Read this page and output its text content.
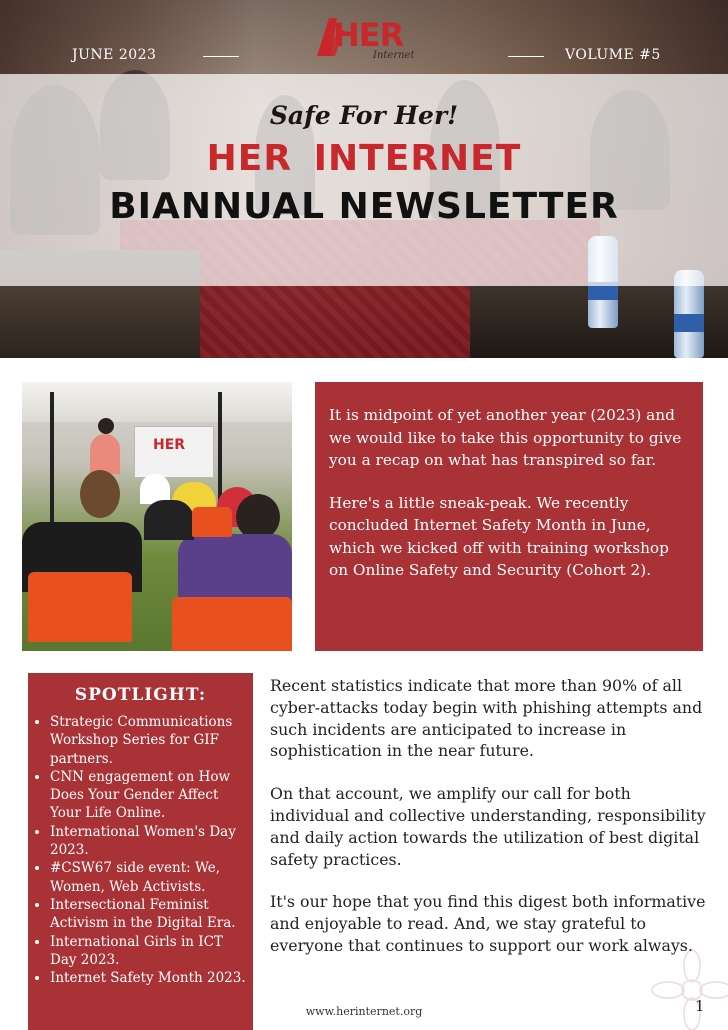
JUNE 2023
HER
Internet	VOLUME #5
Safe For Her!
HER INTERNET
BIANNUAL NEWSLETTER
HER

It is midpoint of yet another year (2023) and we would like to take this opportunity to give you a recap on what has transpired so far.

Here's a little sneak-peak. We recently concluded Internet Safety Month in June, which we kicked off with training workshop on Online Safety and Security (Cohort 2).

SPOTLIGHT:
• Strategic Communications Workshop Series for GIF partners.
• CNN engagement on How Does Your Gender Affect Your Life Online.
• International Women's Day 2023.
• #CSW67 side event: We, Women, Web Activists.
• Intersectional Feminist Activism in the Digital Era.
• International Girls in ICT Day 2023.
• Internet Safety Month 2023.

Recent statistics indicate that more than 90% of all cyber-attacks today begin with phishing attempts and such incidents are anticipated to increase in sophistication in the near future.

On that account, we amplify our call for both individual and collective understanding, responsibility and daily action towards the utilization of best digital safety practices.

It's our hope that you find this digest both informative and enjoyable to read. And, we stay grateful to everyone that continues to support our work always.

www.herinternet.org	1
